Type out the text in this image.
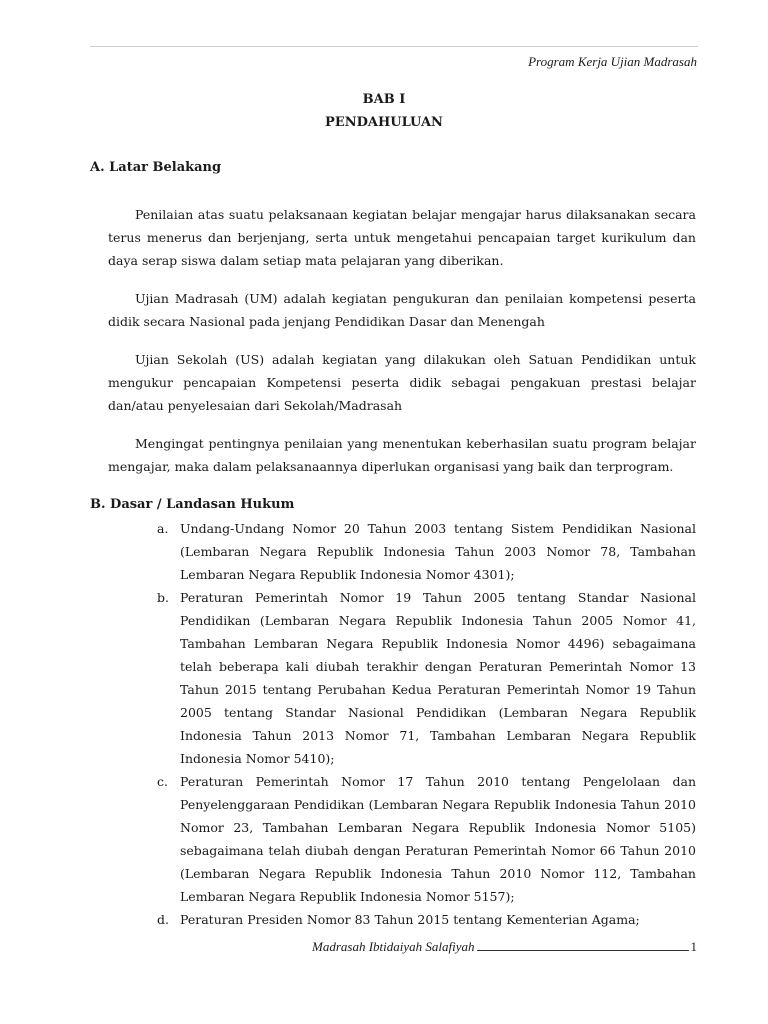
Program Kerja Ujian Madrasah
BAB I
PENDAHULUAN
A. Latar Belakang

Penilaian atas suatu pelaksanaan kegiatan belajar mengajar harus dilaksanakan secara terus menerus dan berjenjang, serta untuk mengetahui pencapaian target kurikulum dan daya serap siswa dalam setiap mata pelajaran yang diberikan.

Ujian Madrasah (UM) adalah kegiatan pengukuran dan penilaian kompetensi peserta didik secara Nasional pada jenjang Pendidikan Dasar dan Menengah

Ujian Sekolah (US) adalah kegiatan yang dilakukan oleh Satuan Pendidikan untuk mengukur pencapaian Kompetensi peserta didik sebagai pengakuan prestasi belajar dan/atau penyelesaian dari Sekolah/Madrasah

Mengingat pentingnya penilaian yang menentukan keberhasilan suatu program belajar mengajar, maka dalam pelaksanaannya diperlukan organisasi yang baik dan terprogram.

B. Dasar / Landasan Hukum
a. Undang-Undang Nomor 20 Tahun 2003 tentang Sistem Pendidikan Nasional (Lembaran Negara Republik Indonesia Tahun 2003 Nomor 78, Tambahan Lembaran Negara Republik Indonesia Nomor 4301);
b. Peraturan Pemerintah Nomor 19 Tahun 2005 tentang Standar Nasional Pendidikan (Lembaran Negara Republik Indonesia Tahun 2005 Nomor 41, Tambahan Lembaran Negara Republik Indonesia Nomor 4496) sebagaimana telah beberapa kali diubah terakhir dengan Peraturan Pemerintah Nomor 13 Tahun 2015 tentang Perubahan Kedua Peraturan Pemerintah Nomor 19 Tahun 2005 tentang Standar Nasional Pendidikan (Lembaran Negara Republik Indonesia Tahun 2013 Nomor 71, Tambahan Lembaran Negara Republik Indonesia Nomor 5410);
c. Peraturan Pemerintah Nomor 17 Tahun 2010 tentang Pengelolaan dan Penyelenggaraan Pendidikan (Lembaran Negara Republik Indonesia Tahun 2010 Nomor 23, Tambahan Lembaran Negara Republik Indonesia Nomor 5105) sebagaimana telah diubah dengan Peraturan Pemerintah Nomor 66 Tahun 2010 (Lembaran Negara Republik Indonesia Tahun 2010 Nomor 112, Tambahan Lembaran Negara Republik Indonesia Nomor 5157);
d. Peraturan Presiden Nomor 83 Tahun 2015 tentang Kementerian Agama;
Madrasah Ibtidaiyah Salafiyah	1
